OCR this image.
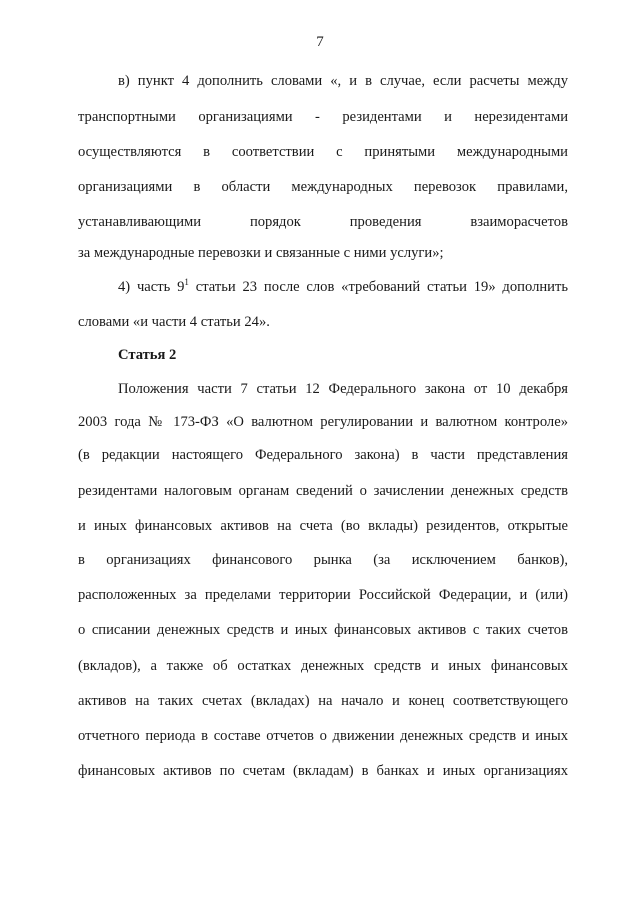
7
в) пункт 4 дополнить словами «, и в случае, если расчеты между
транспортными организациями - резидентами и нерезидентами
осуществляются в соответствии с принятыми международными
организациями в области международных перевозок правилами,
устанавливающими порядок проведения взаиморасчетов
за международные перевозки и связанные с ними услуги»;
4) часть $9^1$ статьи 23 после слов «требований статьи 19» дополнить
словами «и части 4 статьи 24».
Статья 2
Положения части 7 статьи 12 Федерального закона от 10 декабря
2003 года № 173-ФЗ «О валютном регулировании и валютном контроле»
(в редакции настоящего Федерального закона) в части представления
резидентами налоговым органам сведений о зачислении денежных средств
и иных финансовых активов на счета (во вклады) резидентов, открытые
в организациях финансового рынка (за исключением банков),
расположенных за пределами территории Российской Федерации, и (или)
о списании денежных средств и иных финансовых активов с таких счетов
(вкладов), а также об остатках денежных средств и иных финансовых
активов на таких счетах (вкладах) на начало и конец соответствующего
отчетного периода в составе отчетов о движении денежных средств и иных
финансовых активов по счетам (вкладам) в банках и иных организациях
